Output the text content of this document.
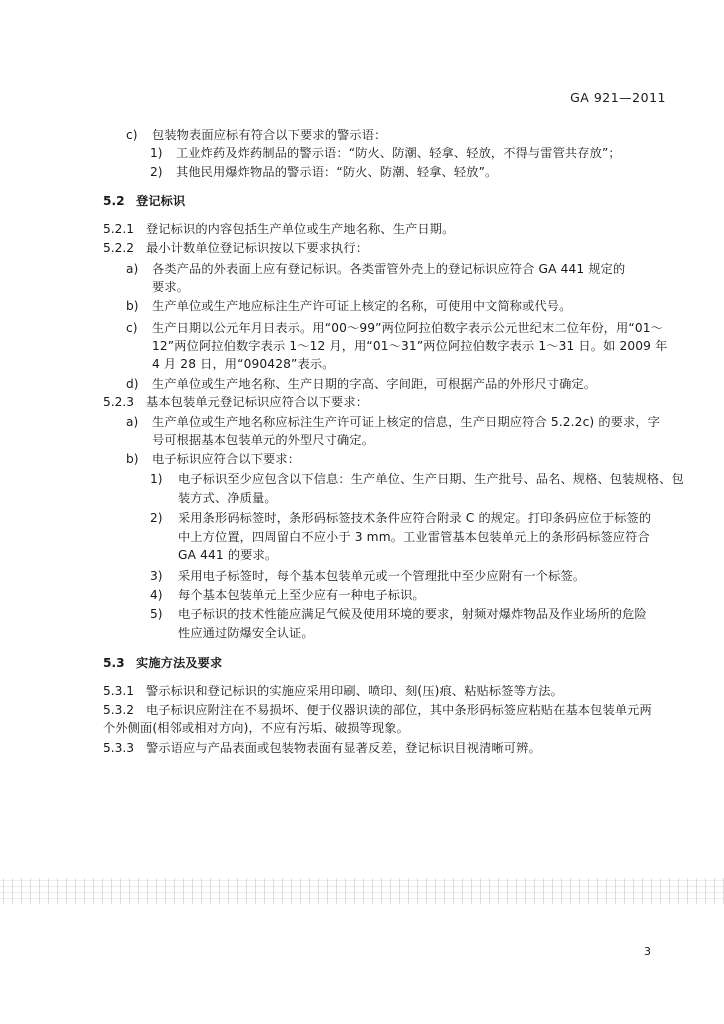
GA 921—2011
c) 包装物表面应标有符合以下要求的警示语：
1) 工业炸药及炸药制品的警示语：“防火、防潮、轻拿、轻放，不得与雷管共存放”；
2) 其他民用爆炸物品的警示语：“防火、防潮、轻拿、轻放”。
5.2 登记标识
5.2.1 登记标识的内容包括生产单位或生产地名称、生产日期。
5.2.2 最小计数单位登记标识按以下要求执行：
a) 各类产品的外表面上应有登记标识。各类雷管外壳上的登记标识应符合 GA 441 规定的
要求。
b) 生产单位或生产地应标注生产许可证上核定的名称，可使用中文简称或代号。
c) 生产日期以公元年月日表示。用“00～99”两位阿拉伯数字表示公元世纪末二位年份，用“01～
12”两位阿拉伯数字表示 1～12 月，用“01～31”两位阿拉伯数字表示 1～31 日。如 2009 年
4 月 28 日，用“090428”表示。
d) 生产单位或生产地名称、生产日期的字高、字间距，可根据产品的外形尺寸确定。
5.2.3 基本包装单元登记标识应符合以下要求：
a) 生产单位或生产地名称应标注生产许可证上核定的信息，生产日期应符合 5.2.2c) 的要求，字
号可根据基本包装单元的外型尺寸确定。
b) 电子标识应符合以下要求：
1) 电子标识至少应包含以下信息：生产单位、生产日期、生产批号、品名、规格、包装规格、包
装方式、净质量。
2) 采用条形码标签时，条形码标签技术条件应符合附录 C 的规定。打印条码应位于标签的
中上方位置，四周留白不应小于 3 mm。工业雷管基本包装单元上的条形码标签应符合
GA 441 的要求。
3) 采用电子标签时，每个基本包装单元或一个管理批中至少应附有一个标签。
4) 每个基本包装单元上至少应有一种电子标识。
5) 电子标识的技术性能应满足气候及使用环境的要求，射频对爆炸物品及作业场所的危险
性应通过防爆安全认证。
5.3 实施方法及要求
5.3.1 警示标识和登记标识的实施应采用印刷、喷印、刻(压)痕、粘贴标签等方法。
5.3.2 电子标识应附注在不易损坏、便于仪器识读的部位，其中条形码标签应粘贴在基本包装单元两
个外侧面(相邻或相对方向)，不应有污垢、破损等现象。
5.3.3 警示语应与产品表面或包装物表面有显著反差，登记标识目视清晰可辨。
3
